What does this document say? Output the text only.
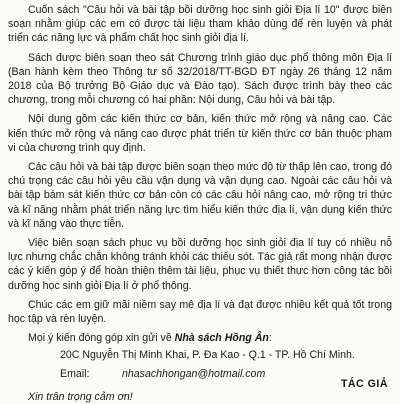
Cuốn sách "Câu hỏi và bài tập bồi dưỡng học sinh giỏi Địa lí 10" được biên soạn nhằm giúp các em có được tài liệu tham khảo dùng để rèn luyện và phát triển các năng lực và phẩm chất học sinh giỏi địa lí.

Sách được biên soạn theo sát Chương trình giáo dục phổ thông môn Địa lí (Ban hành kèm theo Thông tư số 32/2018/TT-BGD ĐT ngày 26 tháng 12 năm 2018 của Bộ trưởng Bộ Giáo dục và Đào tạo). Sách được trình bày theo các chương, trong mỗi chương có hai phần: Nội dung, Câu hỏi và bài tập.

Nội dung gồm các kiến thức cơ bản, kiến thức mở rộng và nâng cao. Các kiến thức mở rộng và nâng cao được phát triển từ kiến thức cơ bản thuộc phạm vi của chương trình quy định.

Các câu hỏi và bài tập được biên soạn theo mức độ từ thấp lên cao, trong đó chú trọng các câu hỏi yêu cầu vận dụng và vận dụng cao. Ngoài các câu hỏi và bài tập bám sát kiến thức cơ bản còn có các câu hỏi nâng cao, mở rộng tri thức và kĩ năng nhằm phát triển năng lực tìm hiểu kiến thức địa lí, vận dụng kiến thức và kĩ năng vào thực tiễn.

Việc biên soạn sách phục vụ bồi dưỡng học sinh giỏi địa lí tuy có nhiều nỗ lực nhưng chắc chắn không tránh khỏi các thiếu sót. Tác giả rất mong nhận được các ý kiến góp ý để hoàn thiện thêm tài liệu, phục vụ thiết thực hơn công tác bồi dưỡng học sinh giỏi Địa lí ở phổ thông.

Chúc các em giữ mãi niềm say mê địa lí và đạt được nhiều kết quả tốt trong học tập và rèn luyện.

Mọi ý kiến đóng góp xin gửi về Nhà sách Hồng Ân:

20C Nguyễn Thị Minh Khai, P. Đa Kao - Q.1 - TP. Hồ Chí Minh.

Email:	nhasachhongan@hotmail.com

Xin trân trọng cảm ơn!

TÁC GIẢ
